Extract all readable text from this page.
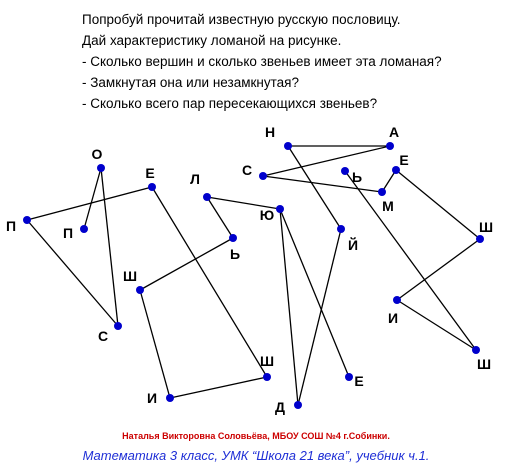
Попробуй прочитай известную русскую пословицу.
Дай характеристику ломаной на рисунке.
- Сколько вершин и сколько звеньев имеет эта ломаная?
- Замкнутая она или незамкнутая?
- Сколько всего пар пересекающихся звеньев?
О
П	П
С
Е
Ш
И
Ш
Л
Ь
Ю
Д
Е
Й
Н	А
С
М
Е
Ь
Ш
И
Ш
Наталья Викторовна Соловьёва, МБОУ СОШ №4 г.Собинки.
Математика 3 класс, УМК “Школа 21 века”, учебник ч.1.
